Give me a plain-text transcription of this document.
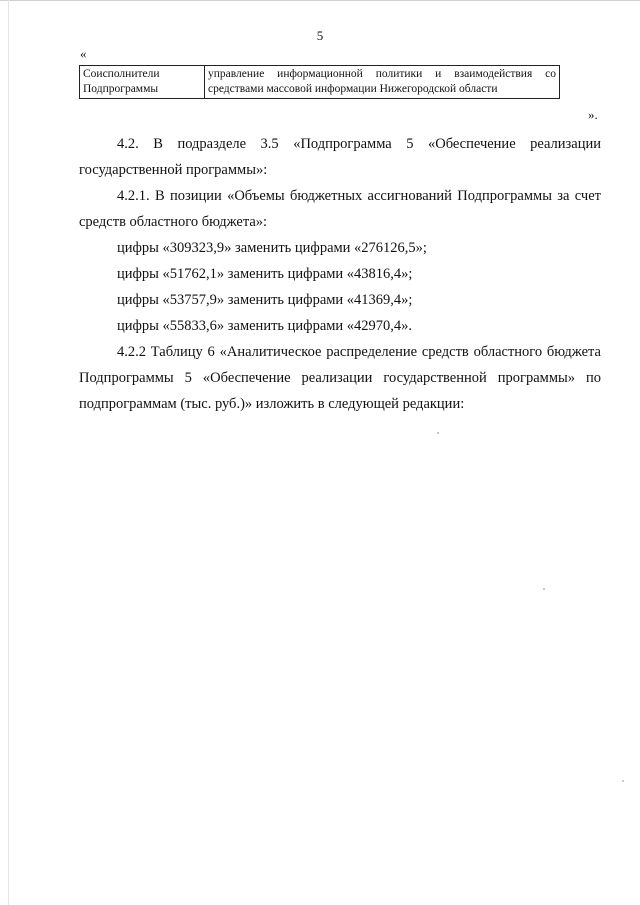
5
«
Соисполнители Подпрограммы	управление информационной политики и взаимодействия со средствами массовой информации Нижегородской области
».
4.2. В подразделе 3.5 «Подпрограмма 5 «Обеспечение реализации государственной программы»:
4.2.1. В позиции «Объемы бюджетных ассигнований Подпрограммы за счет средств областного бюджета»:
цифры «309323,9» заменить цифрами «276126,5»;
цифры «51762,1» заменить цифрами «43816,4»;
цифры «53757,9» заменить цифрами «41369,4»;
цифры «55833,6» заменить цифрами «42970,4».
4.2.2 Таблицу 6 «Аналитическое распределение средств областного бюджета Подпрограммы 5 «Обеспечение реализации государственной программы» по подпрограммам (тыс. руб.)» изложить в следующей редакции:
